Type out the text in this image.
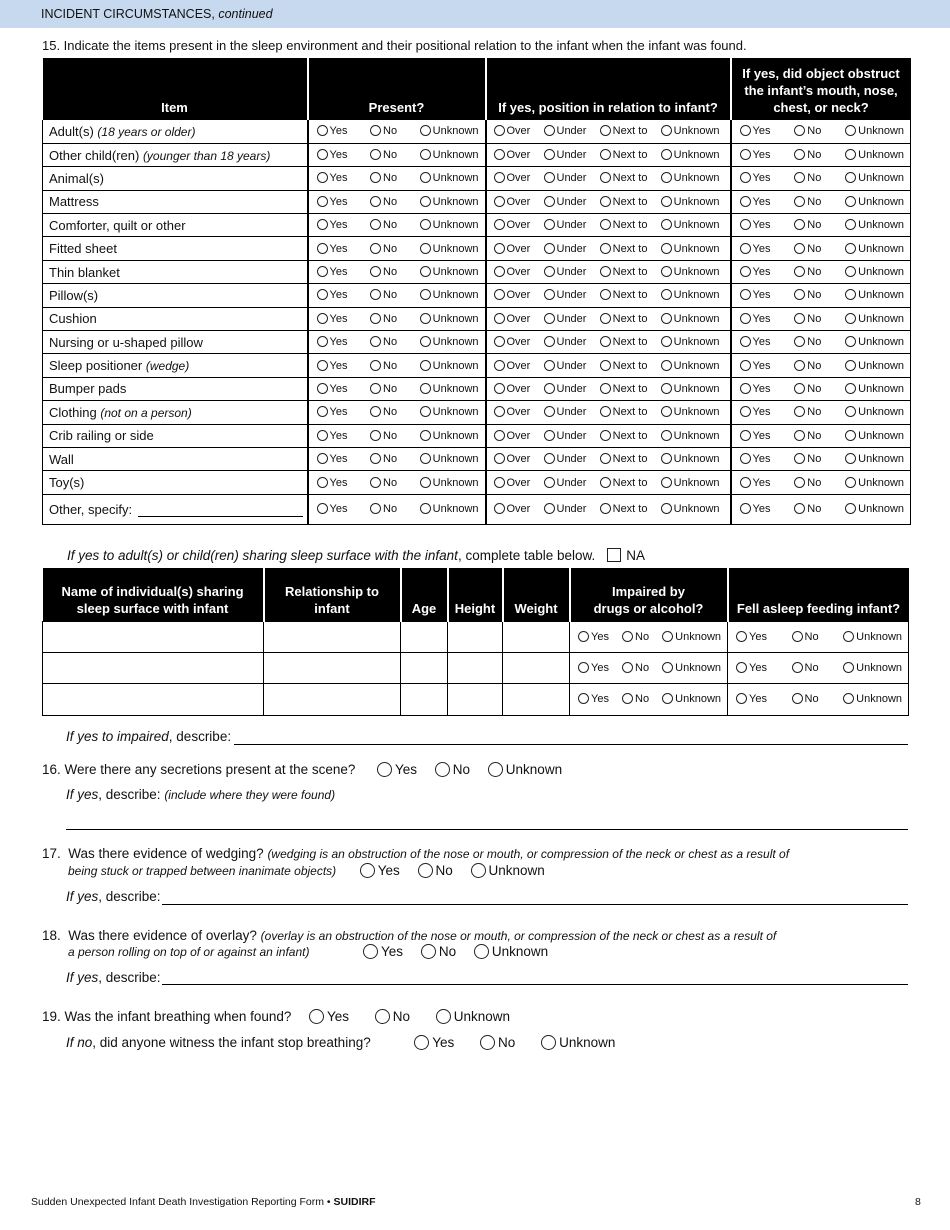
INCIDENT CIRCUMSTANCES, continued
15. Indicate the items present in the sleep environment and their positional relation to the infant when the infant was found.
Item	Present?	If yes, position in relation to infant?	If yes, did object obstruct the infant’s mouth, nose, chest, or neck?
Adult(s) (18 years or older)	Yes No Unknown	Over Under Next to Unknown	Yes No Unknown

Other child(ren) (younger than 18 years)	Yes No Unknown	Over Under Next to Unknown	Yes No Unknown

Animal(s)	Yes No Unknown	Over Under Next to Unknown	Yes No Unknown

Mattress	Yes No Unknown	Over Under Next to Unknown	Yes No Unknown

Comforter, quilt or other	Yes No Unknown	Over Under Next to Unknown	Yes No Unknown

Fitted sheet	Yes No Unknown	Over Under Next to Unknown	Yes No Unknown

Thin blanket	Yes No Unknown	Over Under Next to Unknown	Yes No Unknown

Pillow(s)	Yes No Unknown	Over Under Next to Unknown	Yes No Unknown

Cushion	Yes No Unknown	Over Under Next to Unknown	Yes No Unknown

Nursing or u-shaped pillow	Yes No Unknown	Over Under Next to Unknown	Yes No Unknown

Sleep positioner (wedge)	Yes No Unknown	Over Under Next to Unknown	Yes No Unknown

Bumper pads	Yes No Unknown	Over Under Next to Unknown	Yes No Unknown

Clothing (not on a person)	Yes No Unknown	Over Under Next to Unknown	Yes No Unknown

Crib railing or side	Yes No Unknown	Over Under Next to Unknown	Yes No Unknown

Wall	Yes No Unknown	Over Under Next to Unknown	Yes No Unknown

Toy(s)	Yes No Unknown	Over Under Next to Unknown	Yes No Unknown

Other, specify:	Yes No Unknown	Over Under Next to Unknown	Yes No Unknown
If yes to adult(s) or child(ren) sharing sleep surface with the infant, complete table below. NA
Name of individual(s) sharing sleep surface with infant	Relationship to infant	Age	Height	Weight	Impaired by drugs or alcohol?	Fell asleep feeding infant?

					Yes No Unknown	Yes No Unknown

					Yes No Unknown	Yes No Unknown

					Yes No Unknown	Yes No Unknown
If yes to impaired, describe:
16. Were there any secretions present at the scene?	Yes	No	Unknown
If yes, describe: (include where they were found)
17. Was there evidence of wedging? (wedging is an obstruction of the nose or mouth, or compression of the neck or chest as a result of
being stuck or trapped between inanimate objects)	Yes	No	Unknown
If yes, describe:
18. Was there evidence of overlay? (overlay is an obstruction of the nose or mouth, or compression of the neck or chest as a result of
a person rolling on top of or against an infant)	Yes	No	Unknown
If yes, describe:
19. Was the infant breathing when found?	Yes	No	Unknown
If no, did anyone witness the infant stop breathing?	Yes	No	Unknown
Sudden Unexpected Infant Death Investigation Reporting Form • SUIDIRF	8
